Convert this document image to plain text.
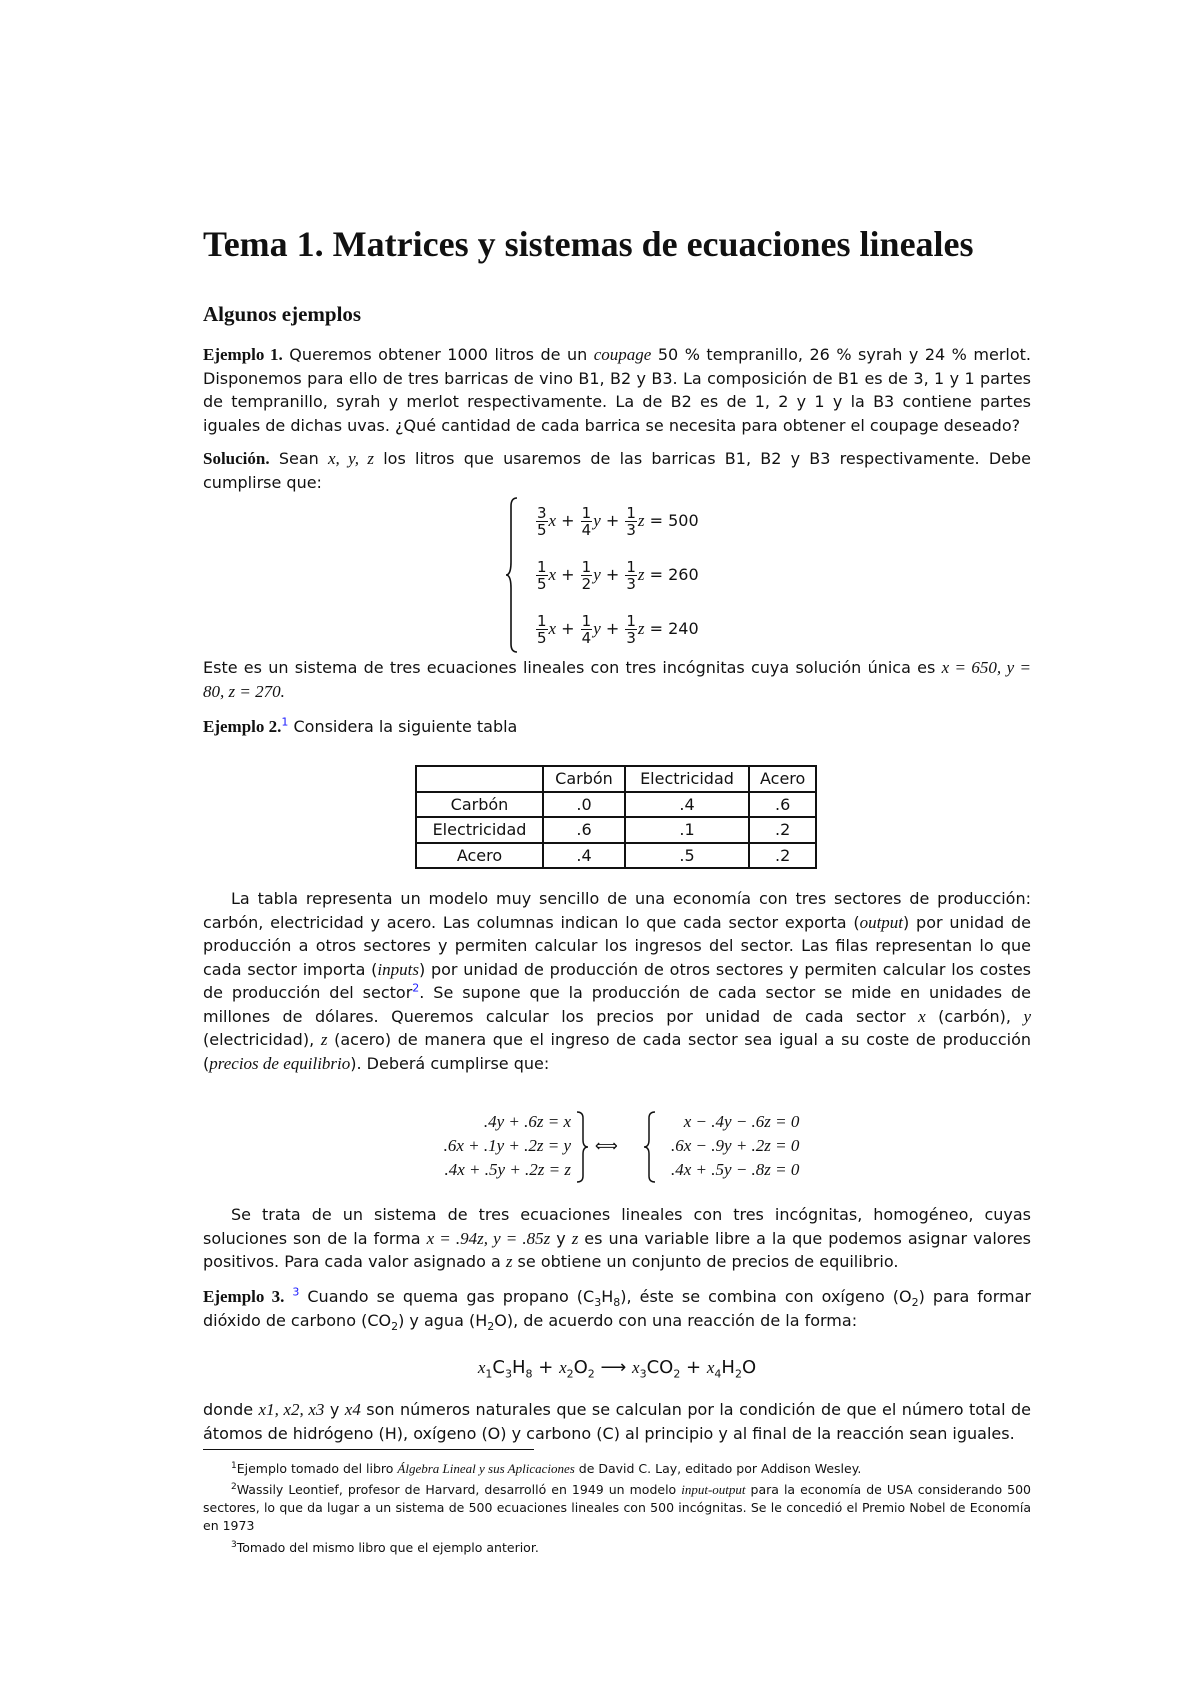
Tema 1. Matrices y sistemas de ecuaciones lineales
Algunos ejemplos

Ejemplo 1. Queremos obtener 1000 litros de un coupage 50 % tempranillo, 26 % syrah y 24 % merlot. Disponemos para ello de tres barricas de vino B1, B2 y B3. La composición de B1 es de 3, 1 y 1 partes de tempranillo, syrah y merlot respectivamente. La de B2 es de 1, 2 y 1 y la B3 contiene partes iguales de dichas uvas. ¿Qué cantidad de cada barrica se necesita para obtener el coupage deseado?

Solución. Sean x, y, z los litros que usaremos de las barricas B1, B2 y B3 respectivamente. Debe cumplirse que:

$\frac{3}{5}$ $x + \frac{1}{4}$ $y + \frac{1}{3}$ z = 500
$\frac{1}{5}$ $x + \frac{1}{2}$ $y + \frac{1}{3}$ z = 260
$\frac{1}{5}$ $x + \frac{1}{4}$ $y + \frac{1}{3}$ z = 240

Este es un sistema de tres ecuaciones lineales con tres incógnitas cuya solución única es x = 650, y = 80, z = 270.

Ejemplo 2.$^1$ Considera la siguiente tabla

	Carbón	Electricidad	Acero
Carbón	.0	.4	.6
Electricidad	.6	.1	.2
Acero	.4	.5	.2

La tabla representa un modelo muy sencillo de una economía con tres sectores de producción: carbón, electricidad y acero. Las columnas indican lo que cada sector exporta (output) por unidad de producción a otros sectores y permiten calcular los ingresos del sector. Las filas representan lo que cada sector importa (inputs) por unidad de producción de otros sectores y permiten calcular los costes de producción del sector$^2$. Se supone que la producción de cada sector se mide en unidades de millones de dólares. Queremos calcular los precios por unidad de cada sector x (carbón), y (electricidad), z (acero) de manera que el ingreso de cada sector sea igual a su coste de producción (precios de equilibrio). Deberá cumplirse que:

.4y + .6z = x
.6x + .1y + .2z = y
.4x + .5y + .2z = z
⟺
x − .4y − .6z = 0
.6x − .9y + .2z = 0
.4x + .5y − .8z = 0

Se trata de un sistema de tres ecuaciones lineales con tres incógnitas, homogéneo, cuyas soluciones son de la forma x = .94z, y = .85z y z es una variable libre a la que podemos asignar valores positivos. Para cada valor asignado a z se obtiene un conjunto de precios de equilibrio.

Ejemplo 3. $^3$ Cuando se quema gas propano $(C_3H_8)$, éste se combina con oxígeno $(O_2)$ para formar dióxido de carbono $(CO_2)$ y agua $(H_2O)$, de acuerdo con una reacción de la forma:

$x_1C_3H_8 + x_2O_2$ ⟶ $x_3CO_2 + x_4H_2O$

donde x1, x2, x3 y x4 son números naturales que se calculan por la condición de que el número total de átomos de hidrógeno (H), oxígeno (O) y carbono (C) al principio y al final de la reacción sean iguales.

$^1$Ejemplo tomado del libro Álgebra Lineal y sus Aplicaciones de David C. Lay, editado por Addison Wesley.

$^2$Wassily Leontief, profesor de Harvard, desarrolló en 1949 un modelo input-output para la economía de USA considerando 500 sectores, lo que da lugar a un sistema de 500 ecuaciones lineales con 500 incógnitas. Se le concedió el Premio Nobel de Economía en 1973

$^3$Tomado del mismo libro que el ejemplo anterior.
